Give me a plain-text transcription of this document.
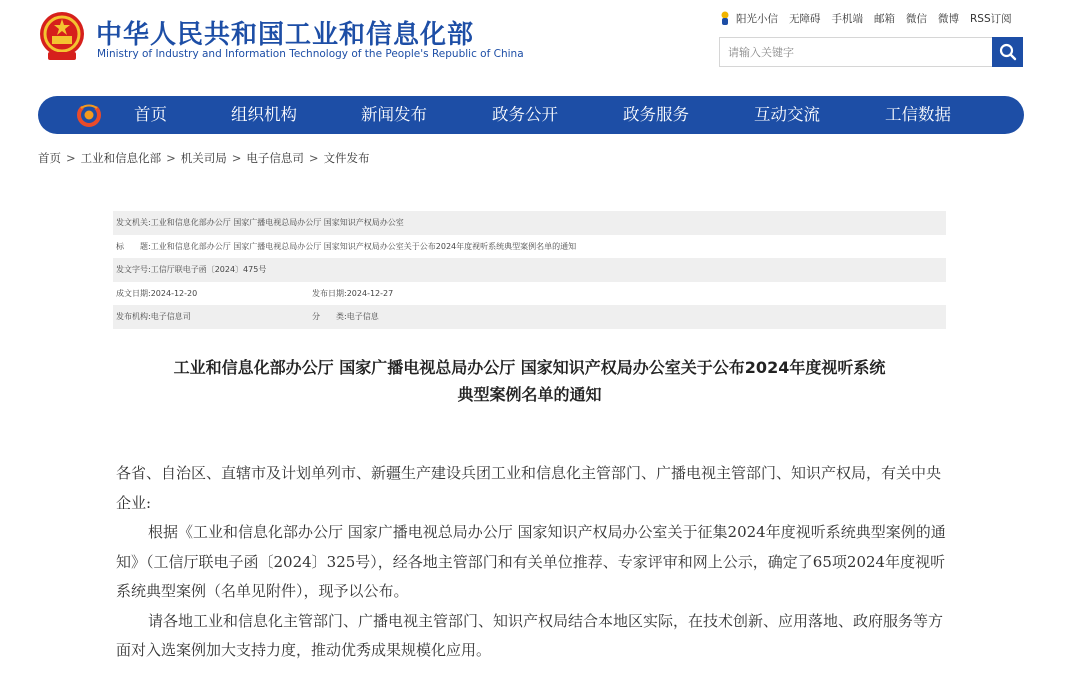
中华人民共和国工业和信息化部
Ministry of Industry and Information Technology of the People's Republic of China
阳光小信 无障碍 手机端 邮箱 微信 微博 RSS订阅
请输入关键字
首页	组织机构	新闻发布	政务公开	政务服务	互动交流	工信数据
首页 > 工业和信息化部 > 机关司局 > 电子信息司 > 文件发布
发文机关: 工业和信息化部办公厅 国家广播电视总局办公厅 国家知识产权局办公室
标　　题: 工业和信息化部办公厅 国家广播电视总局办公厅 国家知识产权局办公室关于公布2024年度视听系统典型案例名单的通知
发文字号: 工信厅联电子函〔2024〕475号
成文日期: 2024-12-20	发布日期:2024-12-27
发布机构: 电子信息司	分　　类:电子信息
工业和信息化部办公厅 国家广播电视总局办公厅 国家知识产权局办公室关于公布2024年度视听系统
典型案例名单的通知

各省、自治区、直辖市及计划单列市、新疆生产建设兵团工业和信息化主管部门、广播电视主管部门、知识产权局，有关中央企业:

根据《工业和信息化部办公厅 国家广播电视总局办公厅 国家知识产权局办公室关于征集2024年度视听系统典型案例的通知》（工信厅联电子函〔2024〕325号），经各地主管部门和有关单位推荐、专家评审和网上公示，确定了65项2024年度视听系统典型案例（名单见附件），现予以公布。

请各地工业和信息化主管部门、广播电视主管部门、知识产权局结合本地区实际，在技术创新、应用落地、政府服务等方面对入选案例加大支持力度，推动优秀成果规模化应用。
